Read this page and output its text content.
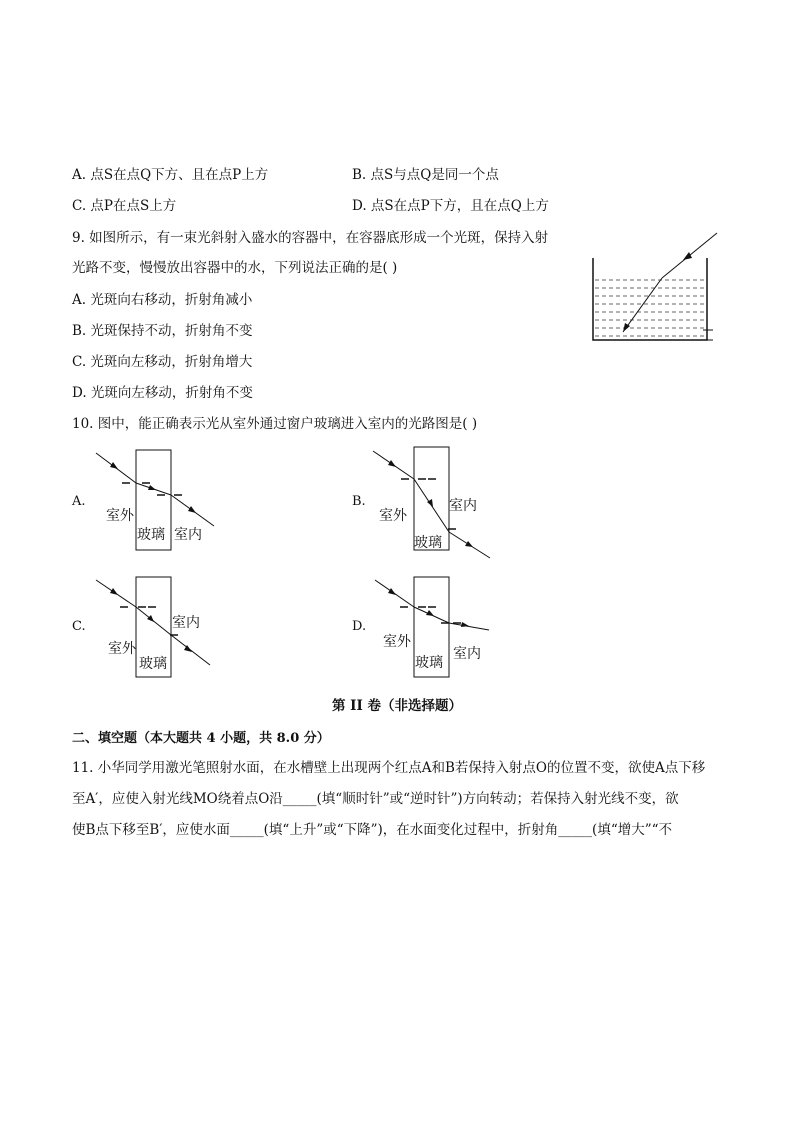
A. 点S在点Q下方、且在点P上方	B. 点S与点Q是同一个点
C. 点P在点S上方	D. 点S在点P下方，且在点Q上方
9. 如图所示，有一束光斜射入盛水的容器中，在容器底形成一个光斑，保持入射
光路不变，慢慢放出容器中的水，下列说法正确的是( )
A. 光斑向右移动，折射角减小
B. 光斑保持不动，折射角不变
C. 光斑向左移动，折射角增大
D. 光斑向左移动，折射角不变
10. 图中，能正确表示光从室外通过窗户玻璃进入室内的光路图是( )
A.	B.
C.	D.
室外
玻璃 室内
室外
室内
玻璃
室内
室外
玻璃
室外
玻璃
室内
第 II 卷（非选择题）
二、填空题（本大题共 4 小题，共 8.0 分）
11. 小华同学用激光笔照射水面，在水槽壁上出现两个红点A和B若保持入射点O的位置不变，欲使A点下移
至A′，应使入射光线MO绕着点O沿_____(填“顺时针”或“逆时针”)方向转动；若保持入射光线不变，欲
使B点下移至B′，应使水面_____(填“上升”或“下降”)，在水面变化过程中，折射角_____(填“增大”“不
